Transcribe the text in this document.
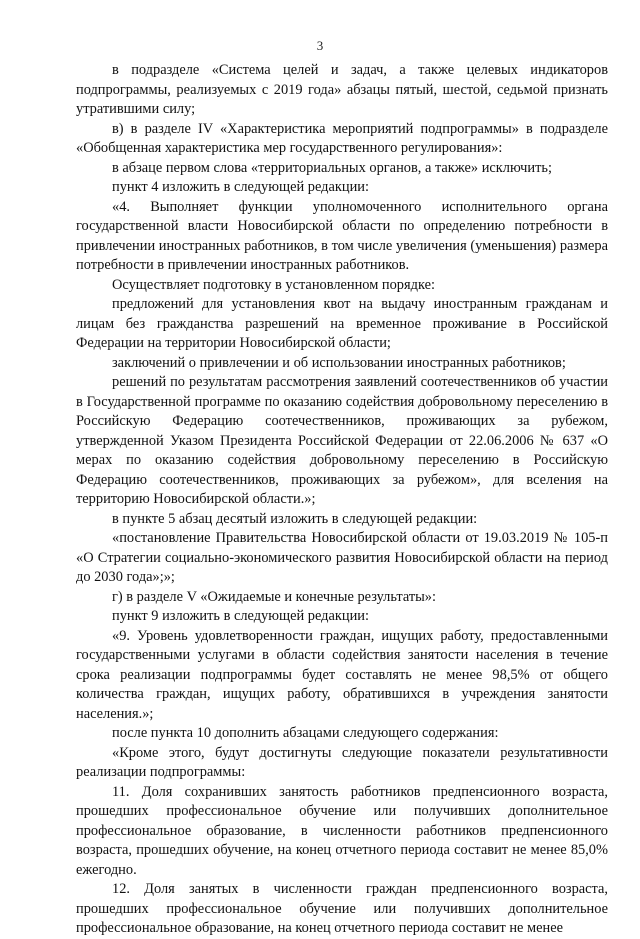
3

в подразделе «Система целей и задач, а также целевых индикаторов подпрограммы, реализуемых с 2019 года» абзацы пятый, шестой, седьмой признать утратившими силу;

в) в разделе IV «Характеристика мероприятий подпрограммы» в подразделе «Обобщенная характеристика мер государственного регулирования»:

в абзаце первом слова «территориальных органов, а также» исключить;

пункт 4 изложить в следующей редакции:

«4. Выполняет функции уполномоченного исполнительного органа государственной власти Новосибирской области по определению потребности в привлечении иностранных работников, в том числе увеличения (уменьшения) размера потребности в привлечении иностранных работников.

Осуществляет подготовку в установленном порядке:

предложений для установления квот на выдачу иностранным гражданам и лицам без гражданства разрешений на временное проживание в Российской Федерации на территории Новосибирской области;

заключений о привлечении и об использовании иностранных работников;

решений по результатам рассмотрения заявлений соотечественников об участии в Государственной программе по оказанию содействия добровольному переселению в Российскую Федерацию соотечественников, проживающих за рубежом, утвержденной Указом Президента Российской Федерации от 22.06.2006 № 637 «О мерах по оказанию содействия добровольному переселению в Российскую Федерацию соотечественников, проживающих за рубежом», для вселения на территорию Новосибирской области.»;

в пункте 5 абзац десятый изложить в следующей редакции:

«постановление Правительства Новосибирской области от 19.03.2019 № 105-п «О Стратегии социально-экономического развития Новосибирской области на период до 2030 года»;»;

г) в разделе V «Ожидаемые и конечные результаты»:

пункт 9 изложить в следующей редакции:

«9. Уровень удовлетворенности граждан, ищущих работу, предоставленными государственными услугами в области содействия занятости населения в течение срока реализации подпрограммы будет составлять не менее 98,5% от общего количества граждан, ищущих работу, обратившихся в учреждения занятости населения.»;

после пункта 10 дополнить абзацами следующего содержания:

«Кроме этого, будут достигнуты следующие показатели результативности реализации подпрограммы:

11. Доля сохранивших занятость работников предпенсионного возраста, прошедших профессиональное обучение или получивших дополнительное профессиональное образование, в численности работников предпенсионного возраста, прошедших обучение, на конец отчетного периода составит не менее 85,0% ежегодно.

12. Доля занятых в численности граждан предпенсионного возраста, прошедших профессиональное обучение или получивших дополнительное профессиональное образование, на конец отчетного периода составит не менее
